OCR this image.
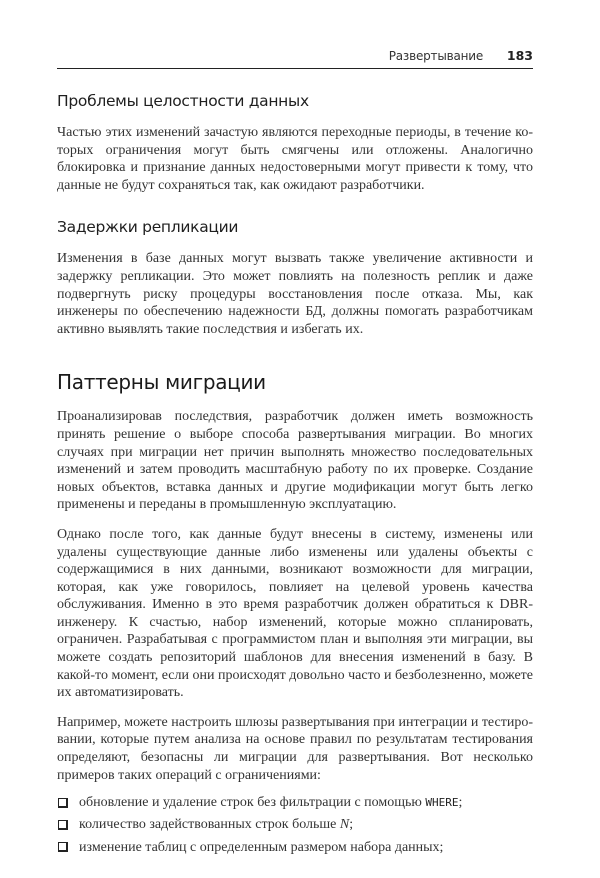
Развертывание 183
Проблемы целостности данных

Частью этих изменений зачастую являются переходные периоды, в течение которых ограничения могут быть смягчены или отложены. Аналогично блокировка и признание данных недостоверными могут привести к тому, что данные не будут сохраняться так, как ожидают разработчики.

Задержки репликации

Изменения в базе данных могут вызвать также увеличение активности и задержку репликации. Это может повлиять на полезность реплик и даже подвергнуть риску процедуры восстановления после отказа. Мы, как инженеры по обеспечению надежности БД, должны помогать разработчикам активно выявлять такие последствия и избегать их.

Паттерны миграции

Проанализировав последствия, разработчик должен иметь возможность принять решение о выборе способа развертывания миграции. Во многих случаях при миграции нет причин выполнять множество последовательных изменений и затем проводить масштабную работу по их проверке. Создание новых объектов, вставка данных и другие модификации могут быть легко применены и переданы в промышленную эксплуатацию.

Однако после того, как данные будут внесены в систему, изменены или удалены существующие данные либо изменены или удалены объекты с содержащимися в них данными, возникают возможности для миграции, которая, как уже говорилось, повлияет на целевой уровень качества обслуживания. Именно в это время разработчик должен обратиться к DBR-инженеру. К счастью, набор изменений, которые можно спланировать, ограничен. Разрабатывая с программистом план и выполняя эти миграции, вы можете создать репозиторий шаблонов для внесения изменений в базу. В какой-то момент, если они происходят довольно часто и безболезненно, можете их автоматизировать.

Например, можете настроить шлюзы развертывания при интеграции и тестировании, которые путем анализа на основе правил по результатам тестирования определяют, безопасны ли миграции для развертывания. Вот несколько примеров таких операций с ограничениями:

обновление и удаление строк без фильтрации с помощью WHERE;
количество задействованных строк больше N;
изменение таблиц с определенным размером набора данных;
